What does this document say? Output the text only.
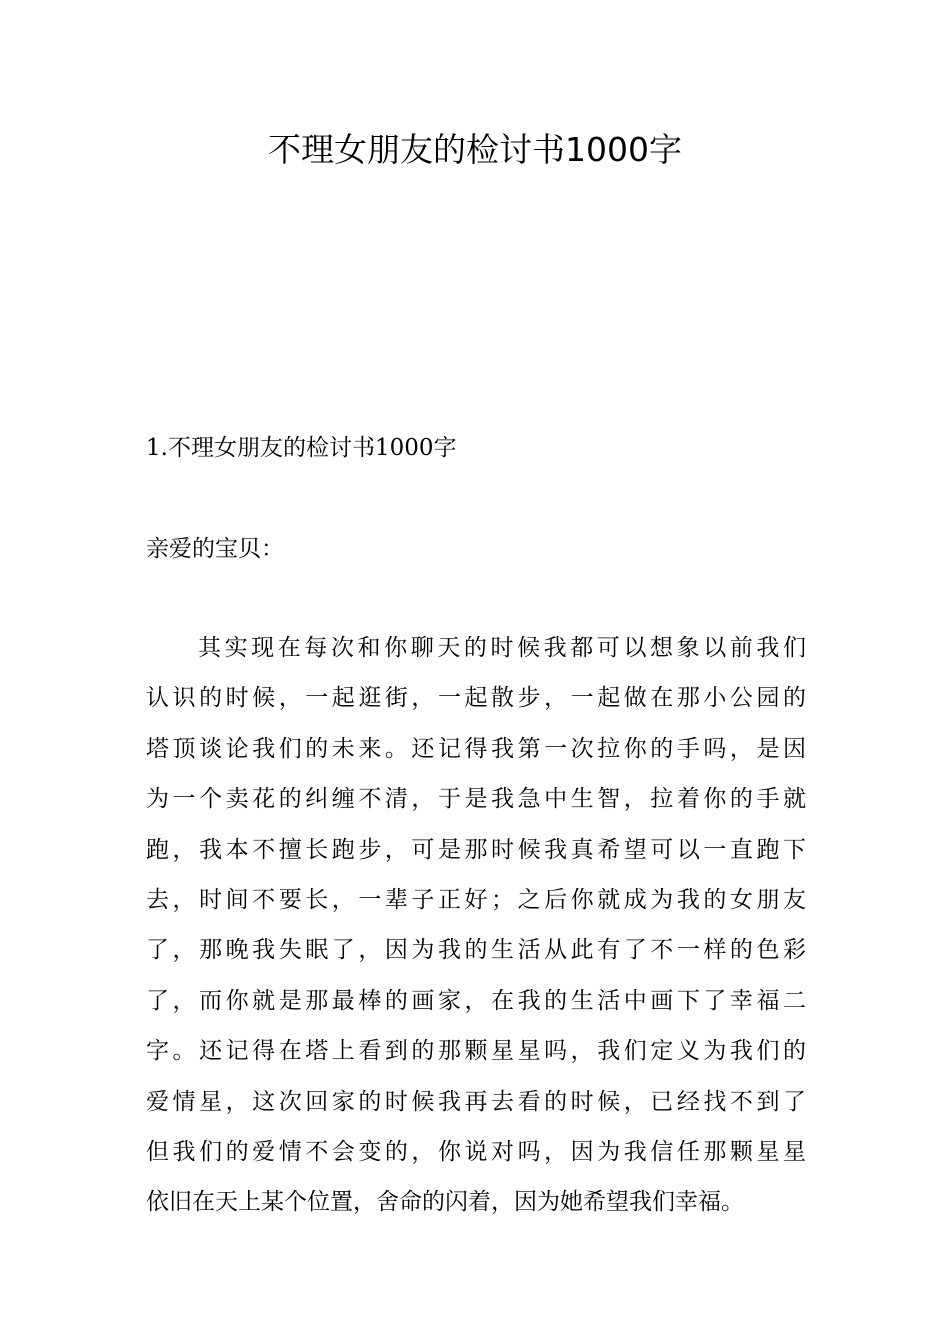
不理女朋友的检讨书1000字

1.不理女朋友的检讨书1000字

亲爱的宝贝：

其实现在每次和你聊天的时候我都可以想象以前我们
认识的时候，一起逛街，一起散步，一起做在那小公园的
塔顶谈论我们的未来。还记得我第一次拉你的手吗，是因
为一个卖花的纠缠不清，于是我急中生智，拉着你的手就
跑，我本不擅长跑步，可是那时候我真希望可以一直跑下
去，时间不要长，一辈子正好；之后你就成为我的女朋友
了，那晚我失眠了，因为我的生活从此有了不一样的色彩
了，而你就是那最棒的画家，在我的生活中画下了幸福二
字。还记得在塔上看到的那颗星星吗，我们定义为我们的
爱情星，这次回家的时候我再去看的时候，已经找不到了
但我们的爱情不会变的，你说对吗，因为我信任那颗星星
依旧在天上某个位置，舍命的闪着，因为她希望我们幸福。
